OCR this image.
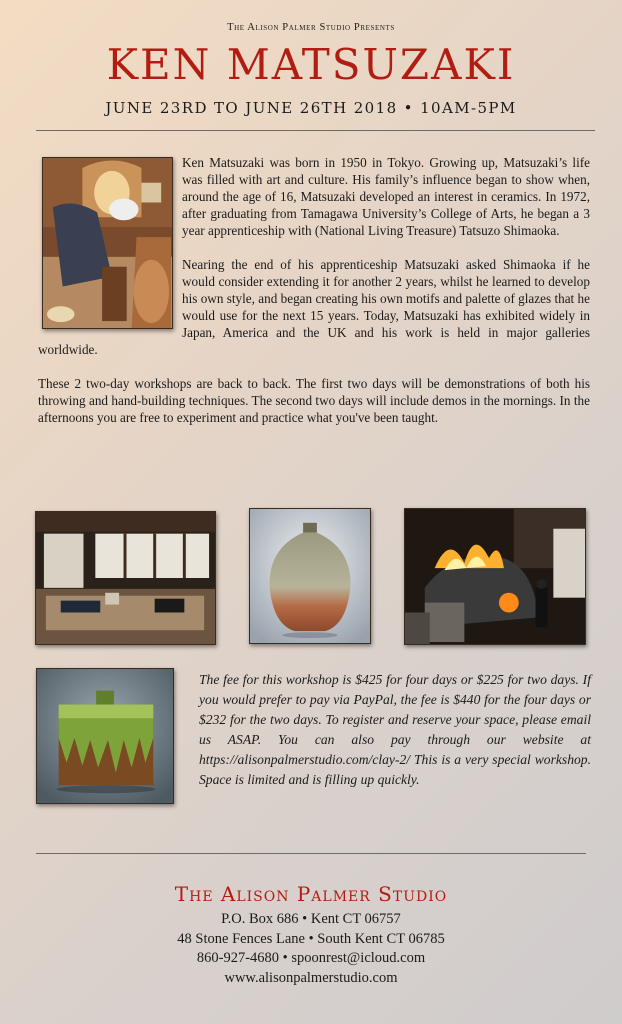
The Alison Palmer Studio Presents
KEN MATSUZAKI
JUNE 23RD TO JUNE 26TH 2018 • 10AM-5PM

Ken Matsuzaki was born in 1950 in Tokyo. Growing up, Matsuzaki’s life was filled with art and culture. His family’s influence began to show when, around the age of 16, Matsuzaki developed an interest in ceramics. In 1972, after graduating from Tamagawa University’s College of Arts, he began a 3 year apprenticeship with (National Living Treasure) Tatsuzo Shimaoka.

Nearing the end of his apprenticeship Matsuzaki asked Shimaoka if he would consider extending it for another 2 years, whilst he learned to develop his own style, and began creating his own motifs and palette of glazes that he would use for the next 15 years. Today, Matsuzaki has exhibited widely in Japan, America and the UK and his work is held in major galleries worldwide.

These 2 two-day workshops are back to back. The first two days will be demonstrations of both his throwing and hand-building techniques. The second two days will include demos in the mornings. In the afternoons you are free to experiment and practice what you've been taught.

The fee for this workshop is $425 for four days or $225 for two days. If you would prefer to pay via PayPal, the fee is $440 for the four days or $232 for the two days. To register and reserve your space, please email us ASAP. You can also pay through our website at https://alisonpalmerstudio.com/clay-2/ This is a very special workshop. Space is limited and is filling up quickly.
The Alison Palmer Studio
P.O. Box 686 • Kent CT 06757
48 Stone Fences Lane • South Kent CT 06785
860-927-4680 • spoonrest@icloud.com
www.alisonpalmerstudio.com
